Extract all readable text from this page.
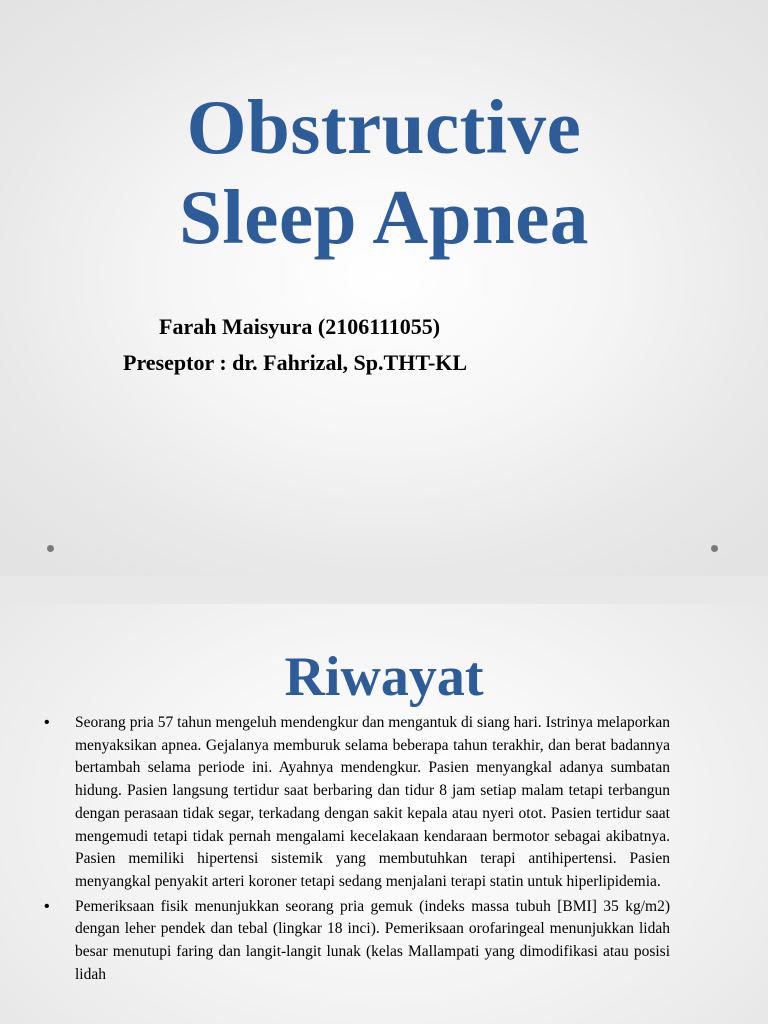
Obstructive
Sleep Apnea
Farah Maisyura (2106111055)
Preseptor : dr. Fahrizal, Sp.THT-KL
Riwayat
• Seorang pria 57 tahun mengeluh mendengkur dan mengantuk di siang hari. Istrinya melaporkan menyaksikan apnea. Gejalanya memburuk selama beberapa tahun terakhir, dan berat badannya bertambah selama periode ini. Ayahnya mendengkur. Pasien menyangkal adanya sumbatan hidung. Pasien langsung tertidur saat berbaring dan tidur 8 jam setiap malam tetapi terbangun dengan perasaan tidak segar, terkadang dengan sakit kepala atau nyeri otot. Pasien tertidur saat mengemudi tetapi tidak pernah mengalami kecelakaan kendaraan bermotor sebagai akibatnya. Pasien memiliki hipertensi sistemik yang membutuhkan terapi antihipertensi. Pasien menyangkal penyakit arteri koroner tetapi sedang menjalani terapi statin untuk hiperlipidemia.
• Pemeriksaan fisik menunjukkan seorang pria gemuk (indeks massa tubuh [BMI] 35 kg/m2) dengan leher pendek dan tebal (lingkar 18 inci). Pemeriksaan orofaringeal menunjukkan lidah besar menutupi faring dan langit-langit lunak (kelas Mallampati yang dimodifikasi atau posisi lidah
